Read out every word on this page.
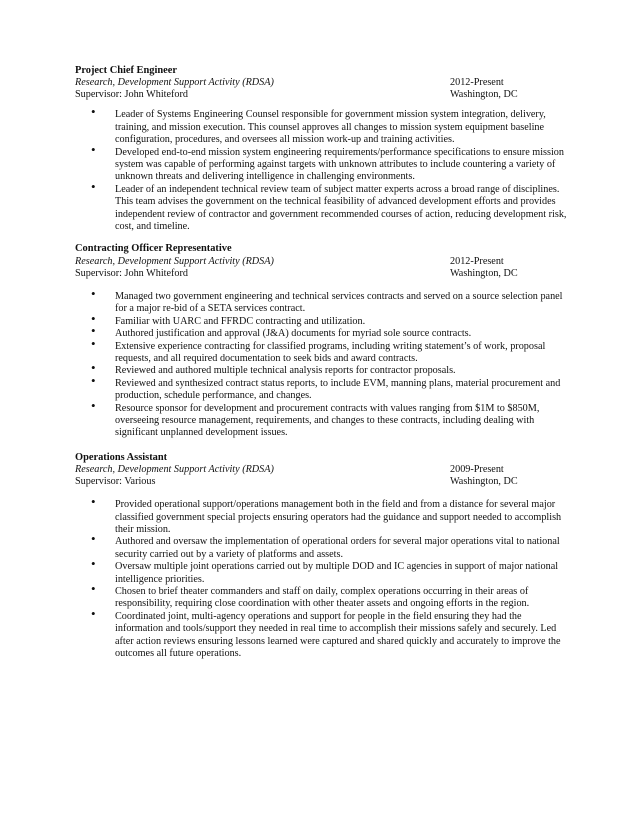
Project Chief Engineer
Research, Development Support Activity (RDSA)	2012-Present
Supervisor: John Whiteford	Washington, DC
• Leader of Systems Engineering Counsel responsible for government mission system integration, delivery, training, and mission execution. This counsel approves all changes to mission system equipment baseline configuration, procedures, and oversees all mission work-up and training activities.
• Developed end-to-end mission system engineering requirements/performance specifications to ensure mission system was capable of performing against targets with unknown attributes to include countering a variety of unknown threats and delivering intelligence in challenging environments.
• Leader of an independent technical review team of subject matter experts across a broad range of disciplines. This team advises the government on the technical feasibility of advanced development efforts and provides independent review of contractor and government recommended courses of action, reducing development risk, cost, and timeline.
Contracting Officer Representative
Research, Development Support Activity (RDSA)	2012-Present
Supervisor: John Whiteford	Washington, DC
• Managed two government engineering and technical services contracts and served on a source selection panel for a major re-bid of a SETA services contract.
• Familiar with UARC and FFRDC contracting and utilization.
• Authored justification and approval (J&A) documents for myriad sole source contracts.
• Extensive experience contracting for classified programs, including writing statement’s of work, proposal requests, and all required documentation to seek bids and award contracts.
• Reviewed and authored multiple technical analysis reports for contractor proposals.
• Reviewed and synthesized contract status reports, to include EVM, manning plans, material procurement and production, schedule performance, and changes.
• Resource sponsor for development and procurement contracts with values ranging from $1M to $850M, overseeing resource management, requirements, and changes to these contracts, including dealing with significant unplanned development issues.
Operations Assistant
Research, Development Support Activity (RDSA)	2009-Present
Supervisor: Various	Washington, DC
• Provided operational support/operations management both in the field and from a distance for several major classified government special projects ensuring operators had the guidance and support needed to accomplish their mission.
• Authored and oversaw the implementation of operational orders for several major operations vital to national security carried out by a variety of platforms and assets.
• Oversaw multiple joint operations carried out by multiple DOD and IC agencies in support of major national intelligence priorities.
• Chosen to brief theater commanders and staff on daily, complex operations occurring in their areas of responsibility, requiring close coordination with other theater assets and ongoing efforts in the region.
• Coordinated joint, multi-agency operations and support for people in the field ensuring they had the information and tools/support they needed in real time to accomplish their missions safely and securely. Led after action reviews ensuring lessons learned were captured and shared quickly and accurately to improve the outcomes all future operations.
